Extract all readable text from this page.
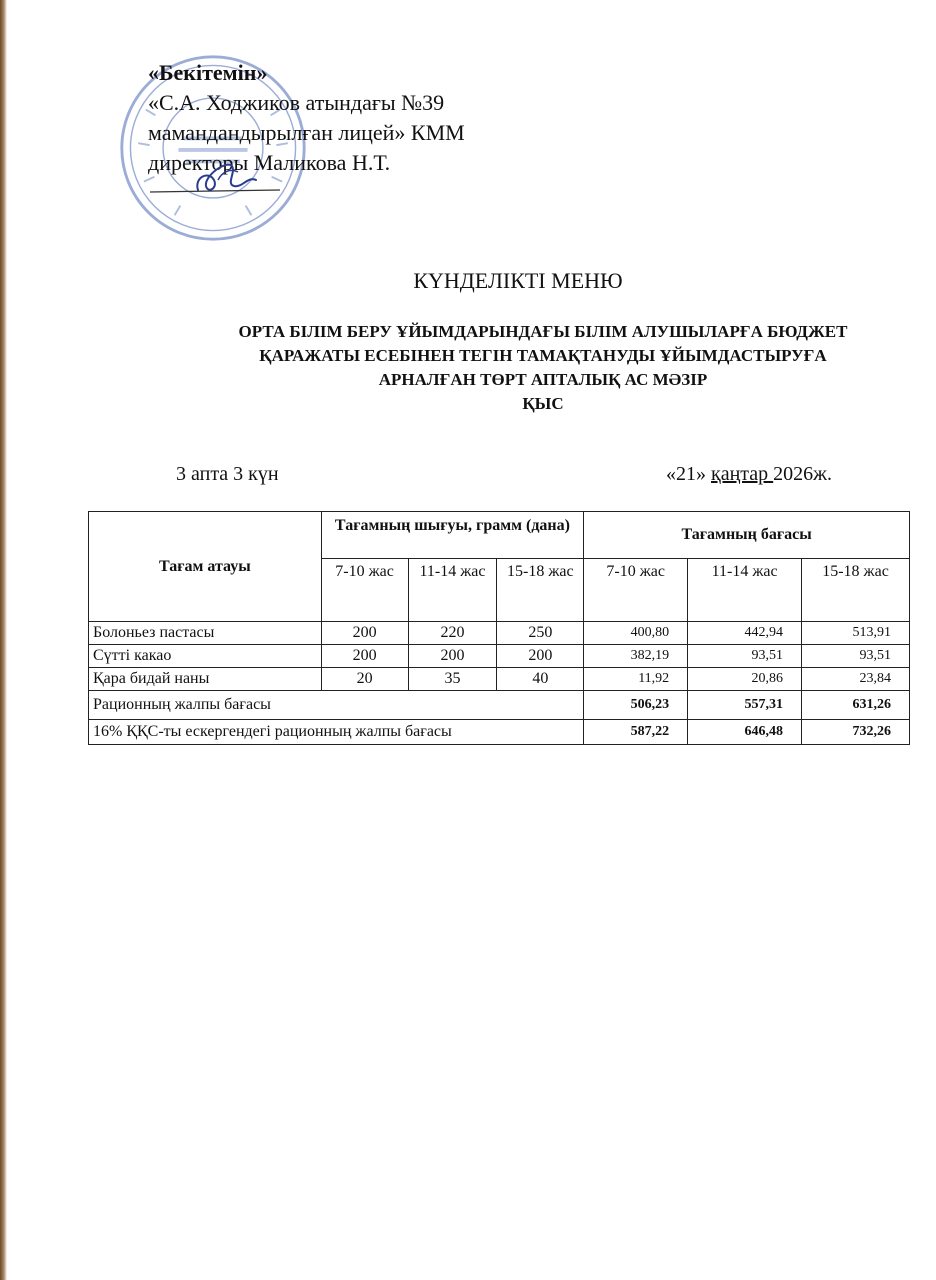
«Бекітемін»
«С.А. Ходжиков атындағы №39
мамандандырылған лицей» КММ
директоры Маликова Н.Т.
КҮНДЕЛІКТІ МЕНЮ
ОРТА БІЛІМ БЕРУ ҰЙЫМДАРЫНДАҒЫ БІЛІМ АЛУШЫЛАРҒА БЮДЖЕТ
ҚАРАЖАТЫ ЕСЕБІНЕН ТЕГІН ТАМАҚТАНУДЫ ҰЙЫМДАСТЫРУҒА
АРНАЛҒАН ТӨРТ АПТАЛЫҚ АС МӘЗІР
ҚЫС
3 апта 3 күн	«21» қаңтар 2026ж.
Тағам атауы	Тағамның шығуы, грамм (дана)			Тағамның бағасы		
	7-10 жас	11-14 жас	15-18 жас	7-10 жас	11-14 жас	15-18 жас
Болоньез пастасы	200	220	250	400,80	442,94	513,91
Сүтті какао	200	200	200	382,19	93,51	93,51
Қара бидай наны	20	35	40	11,92	20,86	23,84
Рационның жалпы бағасы				506,23	557,31	631,26
16% ҚҚС-ты ескергендегі рационның жалпы бағасы				587,22	646,48	732,26
